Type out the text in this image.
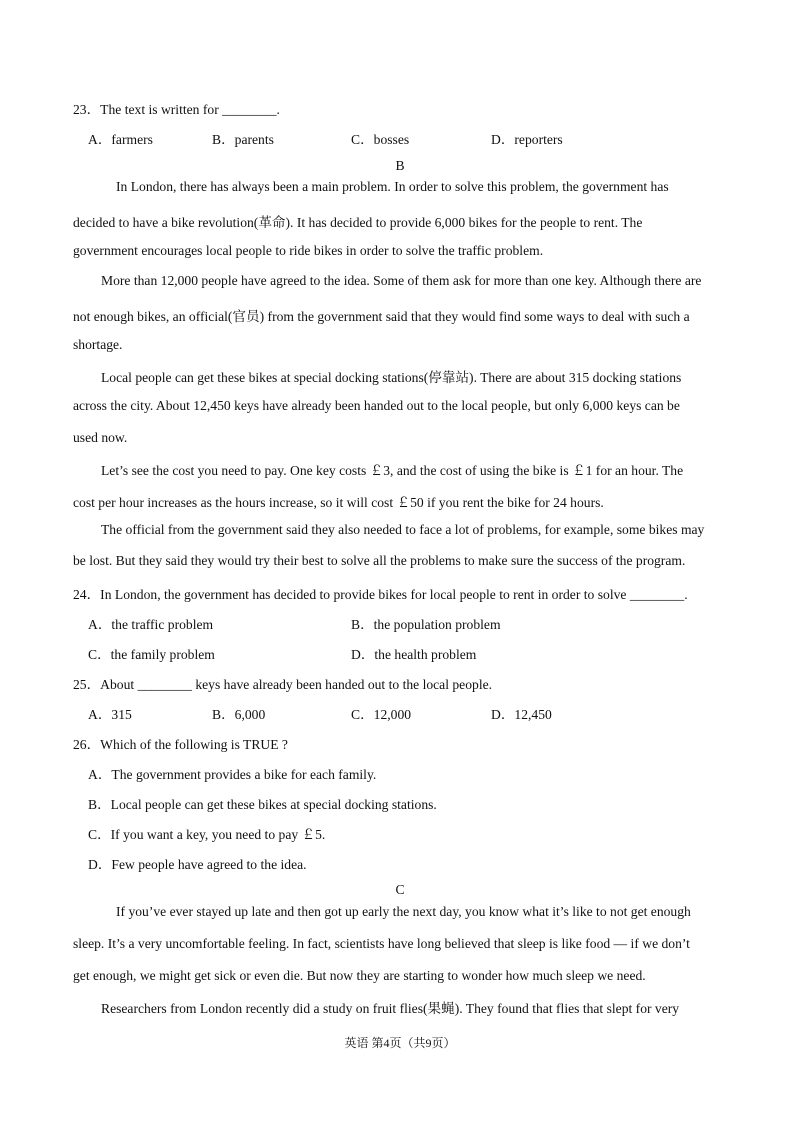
23．The text is written for ________.
A．farmers	B．parents	C．bosses	D．reporters
B
In London, there has always been a main problem. In order to solve this problem, the government has
decided to have a bike revolution(革命). It has decided to provide 6,000 bikes for the people to rent. The
government encourages local people to ride bikes in order to solve the traffic problem.
More than 12,000 people have agreed to the idea. Some of them ask for more than one key. Although there are
not enough bikes, an official(官员) from the government said that they would find some ways to deal with such a
shortage.
Local people can get these bikes at special docking stations(停靠站). There are about 315 docking stations
across the city. About 12,450 keys have already been handed out to the local people, but only 6,000 keys can be
used now.
Let’s see the cost you need to pay. One key costs ￡3, and the cost of using the bike is ￡1 for an hour. The
cost per hour increases as the hours increase, so it will cost ￡50 if you rent the bike for 24 hours.
The official from the government said they also needed to face a lot of problems, for example, some bikes may
be lost. But they said they would try their best to solve all the problems to make sure the success of the program.
24．In London, the government has decided to provide bikes for local people to rent in order to solve ________.
A．the traffic problem	B．the population problem
C．the family problem	D．the health problem
25．About ________ keys have already been handed out to the local people.
A．315	B．6,000	C．12,000	D．12,450
26．Which of the following is TRUE ?
A．The government provides a bike for each family.
B．Local people can get these bikes at special docking stations.
C．If you want a key, you need to pay ￡5.
D．Few people have agreed to the idea.
C
If you’ve ever stayed up late and then got up early the next day, you know what it’s like to not get enough
sleep. It’s a very uncomfortable feeling. In fact, scientists have long believed that sleep is like food — if we don’t
get enough, we might get sick or even die. But now they are starting to wonder how much sleep we need.
Researchers from London recently did a study on fruit flies(果蝇). They found that flies that slept for very
英语 第4页（共9页）
